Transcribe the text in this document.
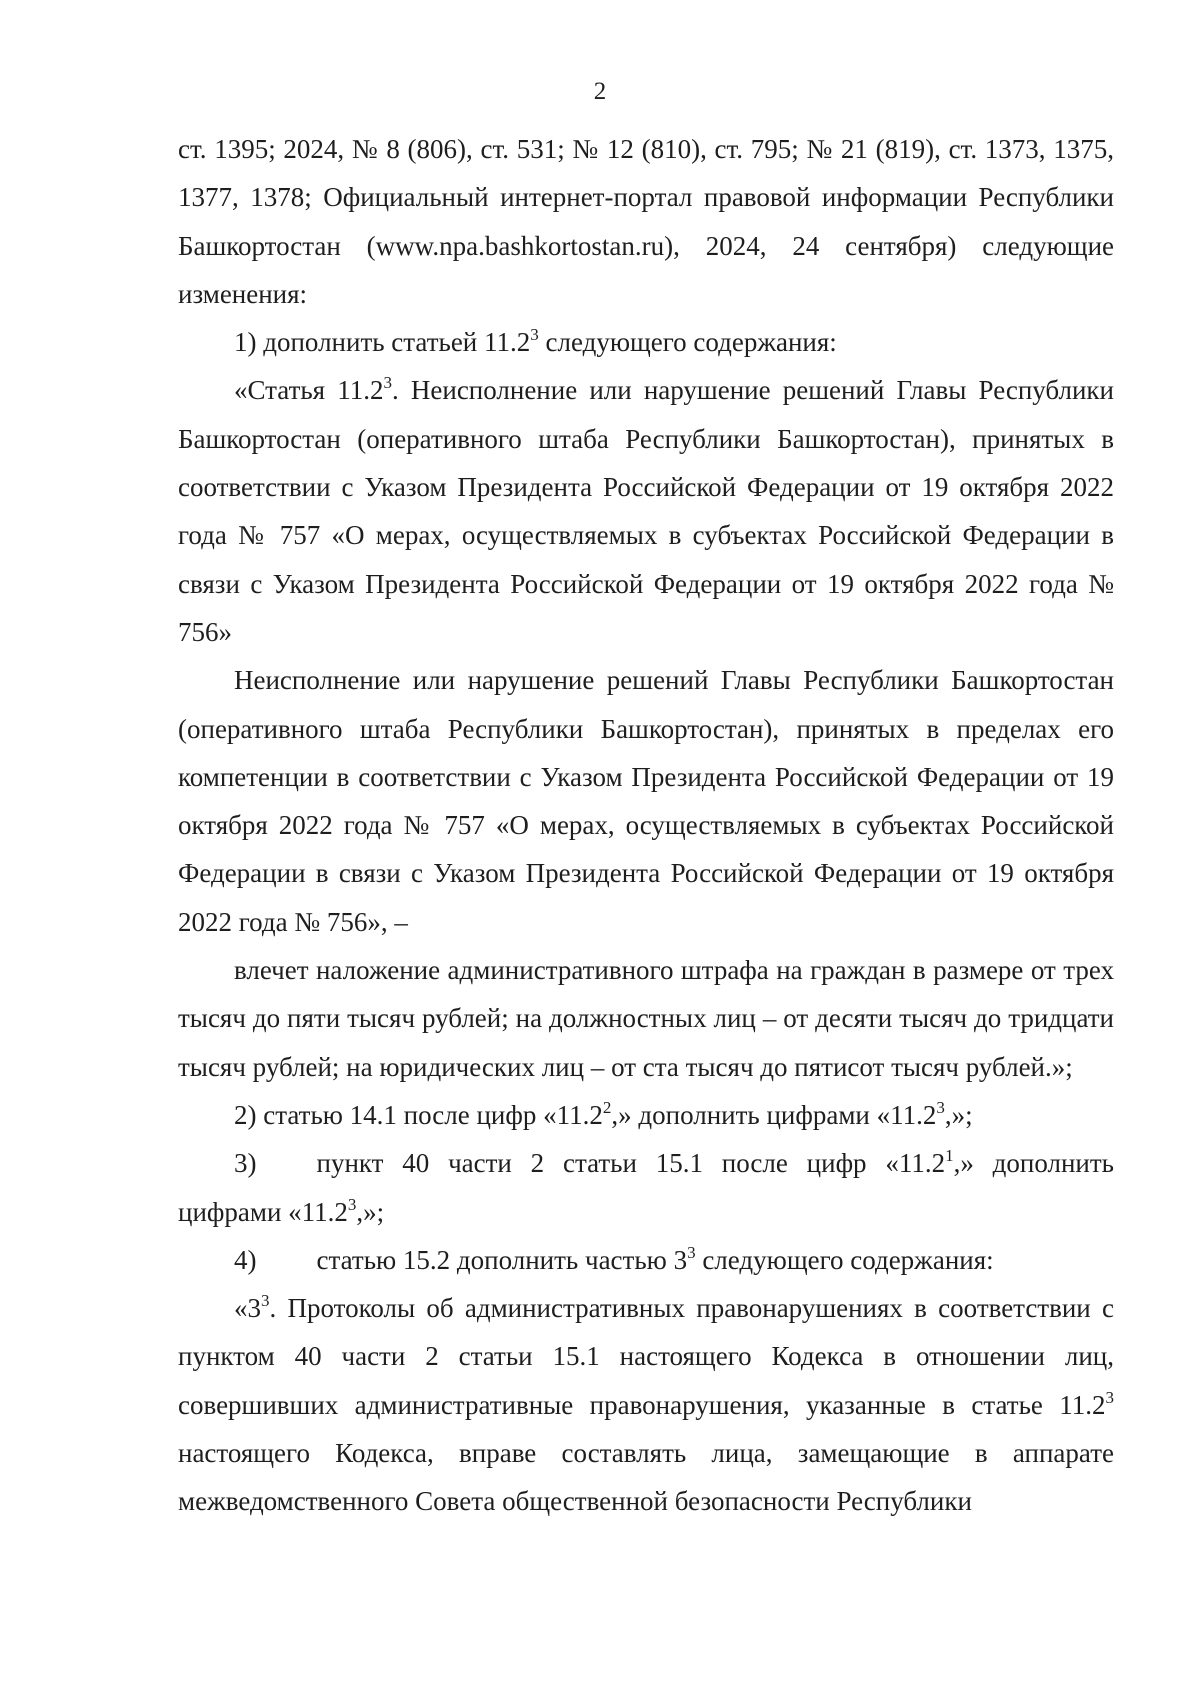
2

ст. 1395; 2024, № 8 (806), ст. 531; № 12 (810), ст. 795; № 21 (819), ст. 1373, 1375, 1377, 1378; Официальный интернет-портал правовой информации Республики Башкортостан (www.npa.bashkortostan.ru), 2024, 24 сентября) следующие изменения:

1) дополнить статьей 11.2$^3$ следующего содержания:

«Статья 11.2$^3$. Неисполнение или нарушение решений Главы Республики Башкортостан (оперативного штаба Республики Башкортостан), принятых в соответствии с Указом Президента Российской Федерации от 19 октября 2022 года № 757 «О мерах, осуществляемых в субъектах Российской Федерации в связи с Указом Президента Российской Федерации от 19 октября 2022 года № 756»

Неисполнение или нарушение решений Главы Республики Башкортостан (оперативного штаба Республики Башкортостан), принятых в пределах его компетенции в соответствии с Указом Президента Российской Федерации от 19 октября 2022 года № 757 «О мерах, осуществляемых в субъектах Российской Федерации в связи с Указом Президента Российской Федерации от 19 октября 2022 года № 756», –

влечет наложение административного штрафа на граждан в размере от трех тысяч до пяти тысяч рублей; на должностных лиц – от десяти тысяч до тридцати тысяч рублей; на юридических лиц – от ста тысяч до пятисот тысяч рублей.»;

2) статью 14.1 после цифр «11.2$^2$,» дополнить цифрами «11.2$^3$,»;

3) пункт 40 части 2 статьи 15.1 после цифр «11.2$^1$,» дополнить цифрами «11.2$^3$,»;

4) статью 15.2 дополнить частью $3^3$ следующего содержания:

«$3^3$. Протоколы об административных правонарушениях в соответствии с пунктом 40 части 2 статьи 15.1 настоящего Кодекса в отношении лиц, совершивших административные правонарушения, указанные в статье 11.2$^3$ настоящего Кодекса, вправе составлять лица, замещающие в аппарате межведомственного Совета общественной безопасности Республики
